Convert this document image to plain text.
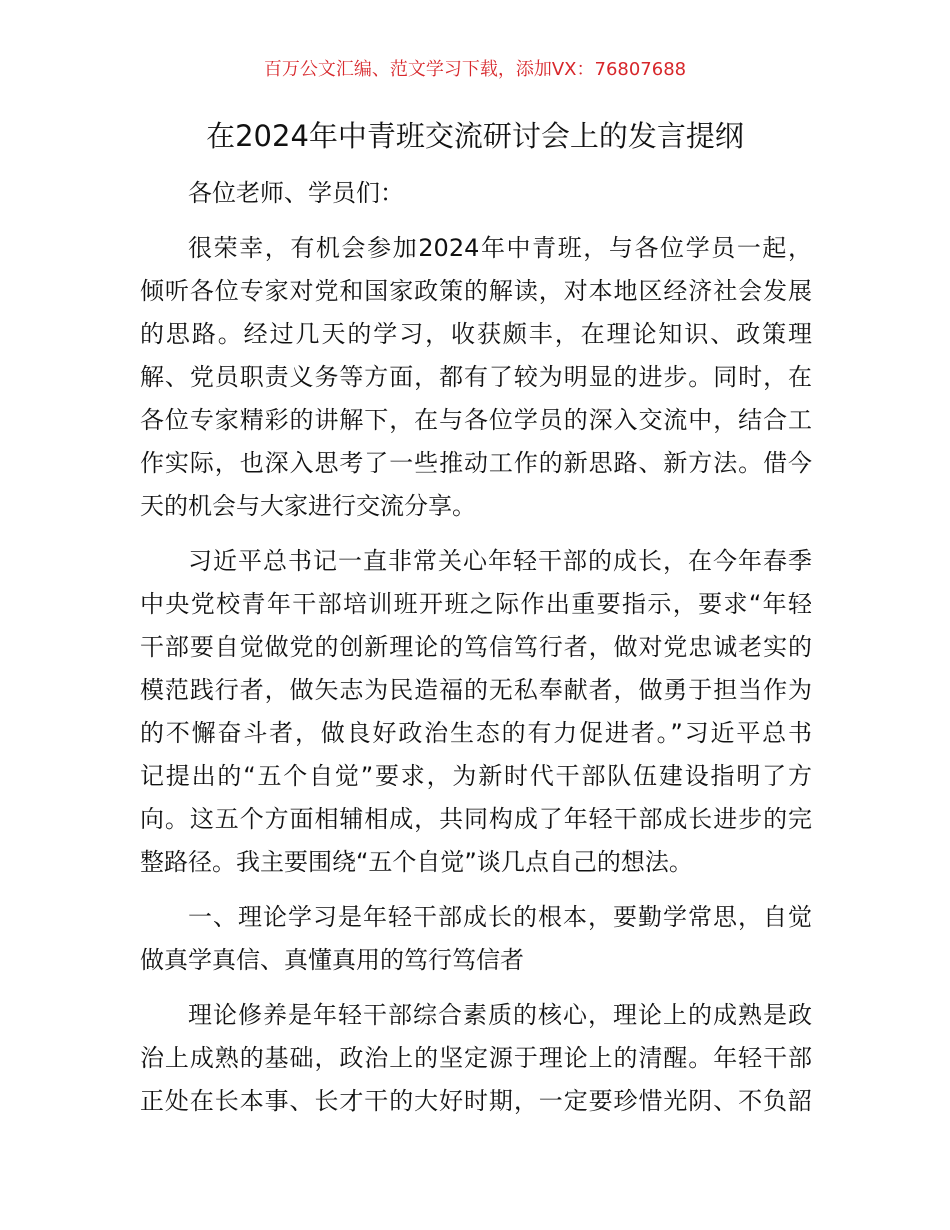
百万公文汇编、范文学习下载，添加VX：76807688
在2024年中青班交流研讨会上的发言提纲
各位老师、学员们：
很荣幸，有机会参加2024年中青班，与各位学员一起，
倾听各位专家对党和国家政策的解读，对本地区经济社会发展
的思路。经过几天的学习，收获颇丰，在理论知识、政策理
解、党员职责义务等方面，都有了较为明显的进步。同时，在
各位专家精彩的讲解下，在与各位学员的深入交流中，结合工
作实际，也深入思考了一些推动工作的新思路、新方法。借今
天的机会与大家进行交流分享。
习近平总书记一直非常关心年轻干部的成长，在今年春季
中央党校青年干部培训班开班之际作出重要指示，要求“年轻
干部要自觉做党的创新理论的笃信笃行者，做对党忠诚老实的
模范践行者，做矢志为民造福的无私奉献者，做勇于担当作为
的不懈奋斗者，做良好政治生态的有力促进者。”习近平总书
记提出的“五个自觉”要求，为新时代干部队伍建设指明了方
向。这五个方面相辅相成，共同构成了年轻干部成长进步的完
整路径。我主要围绕“五个自觉”谈几点自己的想法。
一、理论学习是年轻干部成长的根本，要勤学常思，自觉
做真学真信、真懂真用的笃行笃信者
理论修养是年轻干部综合素质的核心，理论上的成熟是政
治上成熟的基础，政治上的坚定源于理论上的清醒。年轻干部
正处在长本事、长才干的大好时期，一定要珍惜光阴、不负韶
